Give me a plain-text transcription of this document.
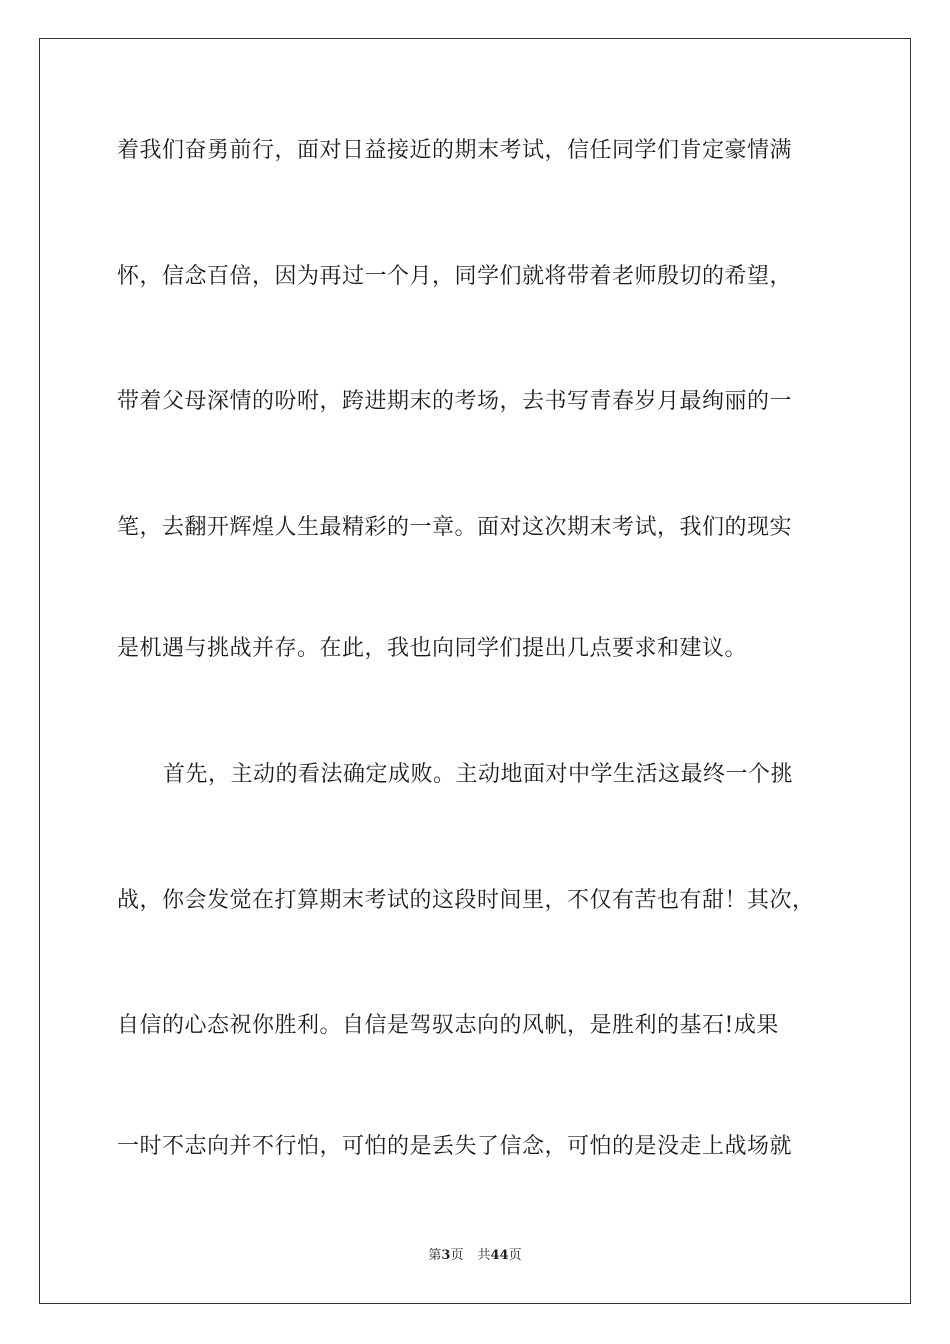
着我们奋勇前行，面对日益接近的期末考试，信任同学们肯定豪情满
怀，信念百倍，因为再过一个月，同学们就将带着老师殷切的希望，
带着父母深情的吩咐，跨进期末的考场，去书写青春岁月最绚丽的一
笔，去翻开辉煌人生最精彩的一章。面对这次期末考试，我们的现实
是机遇与挑战并存。在此，我也向同学们提出几点要求和建议。
首先，主动的看法确定成败。主动地面对中学生活这最终一个挑
战，你会发觉在打算期末考试的这段时间里，不仅有苦也有甜！其次，
自信的心态祝你胜利。自信是驾驭志向的风帆，是胜利的基石!成果
一时不志向并不行怕，可怕的是丢失了信念，可怕的是没走上战场就
第3页 共44页
